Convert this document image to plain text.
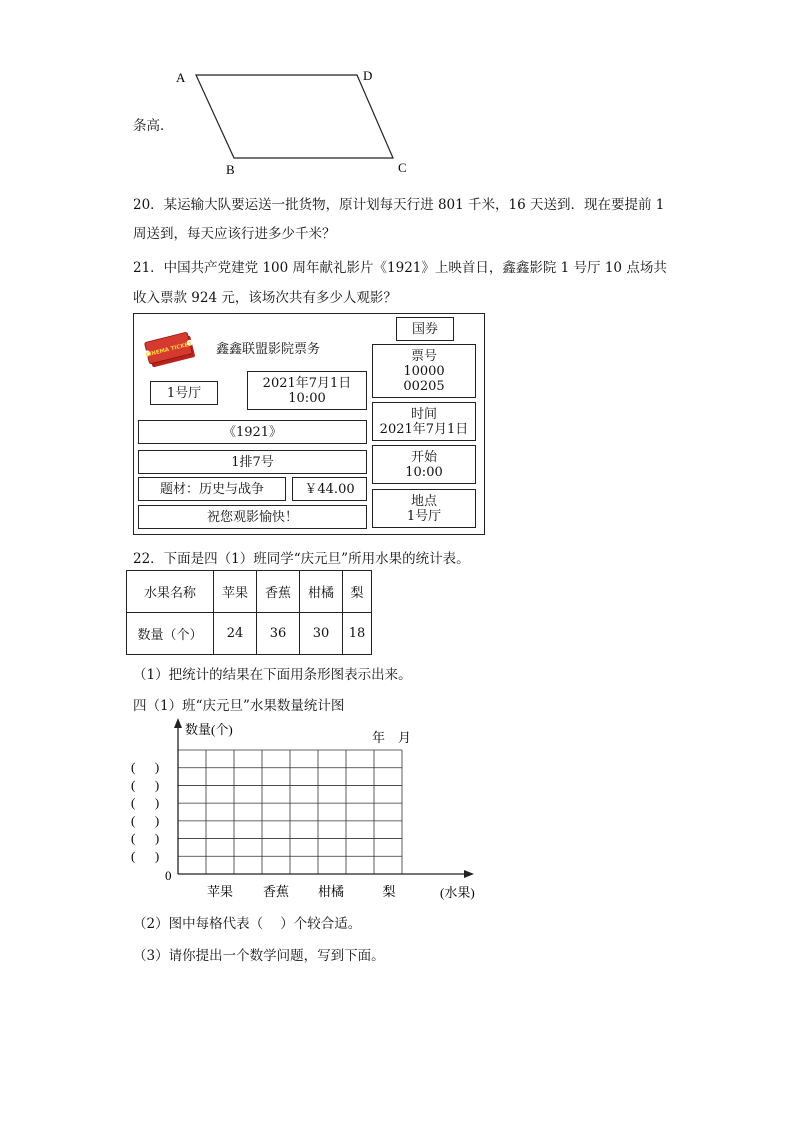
条高．
A	D
B	C
20．某运输大队要运送一批货物，原计划每天行进 801 千米，16 天送到．现在要提前 1
周送到，每天应该行进多少千米？
21．中国共产党建党 100 周年献礼影片《1921》上映首日，鑫鑫影院 1 号厅 10 点场共
收入票款 924 元，该场次共有多少人观影？
CINEMA TICKET 鑫鑫联盟影院票务
国券
1号厅
2021年7月1日
10:00
《1921》
1排7号
题材：历史与战争	￥44.00
祝您观影愉快！
票号
10000
00205
时间
2021年7月1日
开始
10:00
地点
1号厅
22．下面是四（1）班同学“庆元旦”所用水果的统计表。
水果名称	苹果	香蕉	柑橘	梨
数量（个）	24	36	30	18
（1）把统计的结果在下面用条形图表示出来。
四（1）班“庆元旦”水果数量统计图
数量(个)
年    月
0
(水果)
苹果 香蕉 柑橘	梨
(      )
(      )
(      )
(      )
(      )
(      )
（2）图中每格代表（    ）个较合适。
（3）请你提出一个数学问题，写到下面。
